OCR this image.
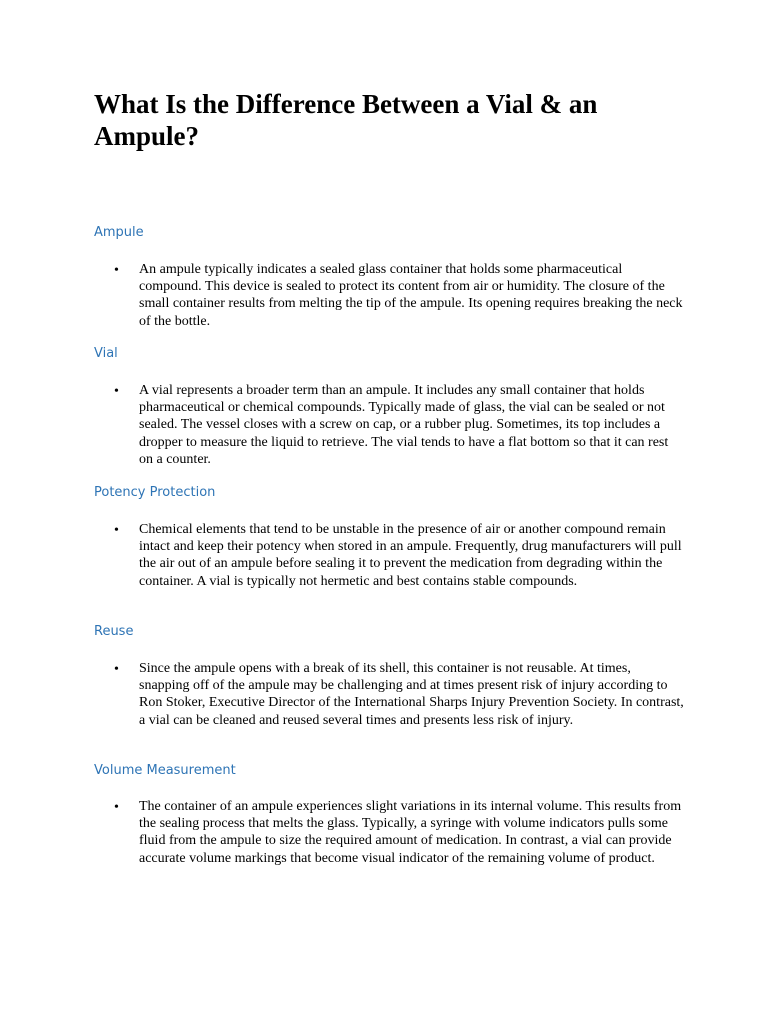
What Is the Difference Between a Vial & an Ampule?
Ampule
• An ampule typically indicates a sealed glass container that holds some pharmaceutical compound. This device is sealed to protect its content from air or humidity. The closure of the small container results from melting the tip of the ampule. Its opening requires breaking the neck of the bottle.

Vial
• A vial represents a broader term than an ampule. It includes any small container that holds pharmaceutical or chemical compounds. Typically made of glass, the vial can be sealed or not sealed. The vessel closes with a screw on cap, or a rubber plug. Sometimes, its top includes a dropper to measure the liquid to retrieve. The vial tends to have a flat bottom so that it can rest on a counter.

Potency Protection
• Chemical elements that tend to be unstable in the presence of air or another compound remain intact and keep their potency when stored in an ampule. Frequently, drug manufacturers will pull the air out of an ampule before sealing it to prevent the medication from degrading within the container. A vial is typically not hermetic and best contains stable compounds.

Reuse
• Since the ampule opens with a break of its shell, this container is not reusable. At times, snapping off of the ampule may be challenging and at times present risk of injury according to Ron Stoker, Executive Director of the International Sharps Injury Prevention Society. In contrast, a vial can be cleaned and reused several times and presents less risk of injury.

Volume Measurement
• The container of an ampule experiences slight variations in its internal volume. This results from the sealing process that melts the glass. Typically, a syringe with volume indicators pulls some fluid from the ampule to size the required amount of medication. In contrast, a vial can provide accurate volume markings that become visual indicator of the remaining volume of product.
